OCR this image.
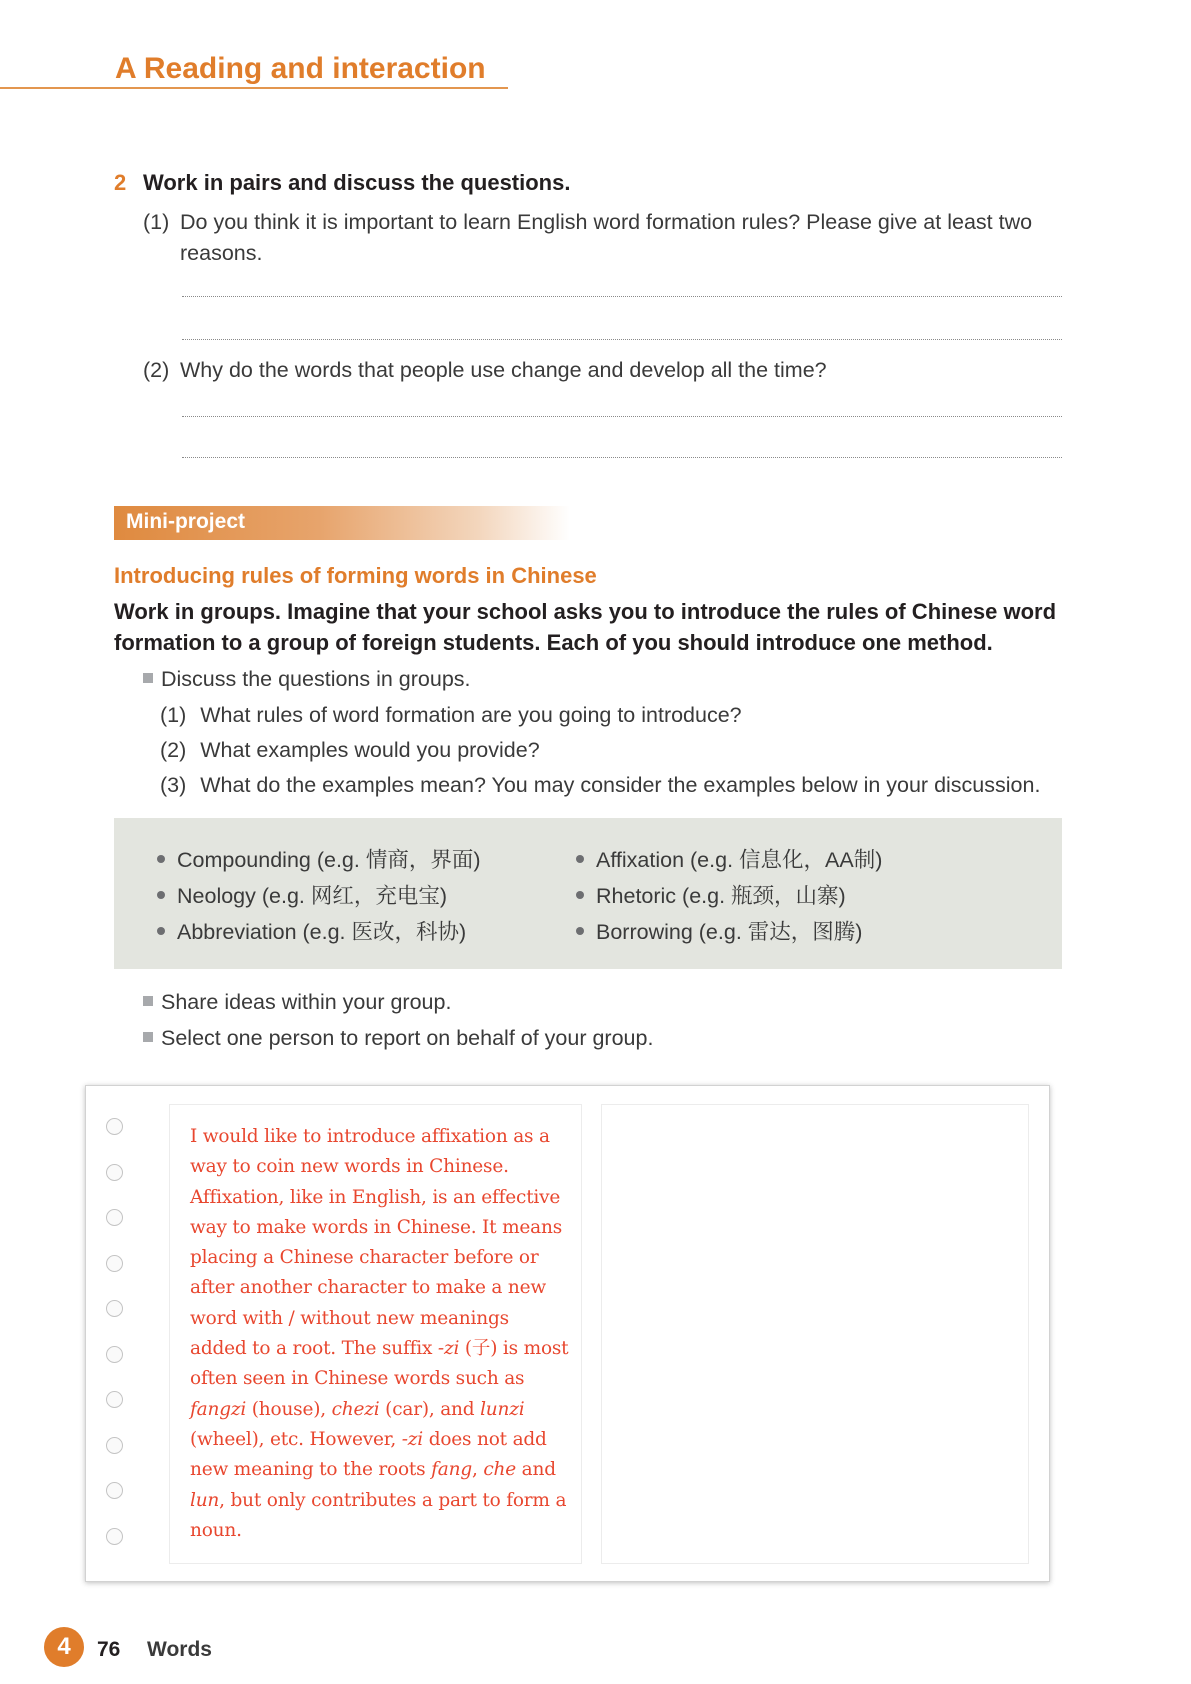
A Reading and interaction
2 Work in pairs and discuss the questions.
(1) Do you think it is important to learn English word formation rules? Please give at least two reasons.
(2) Why do the words that people use change and develop all the time?
Mini-project
Introducing rules of forming words in Chinese
Work in groups. Imagine that your school asks you to introduce the rules of Chinese word formation to a group of foreign students. Each of you should introduce one method.
Discuss the questions in groups.
(1) What rules of word formation are you going to introduce?
(2) What examples would you provide?
(3) What do the examples mean? You may consider the examples below in your discussion.
Compounding (e.g. 情商，界面)
Neology (e.g. 网红，充电宝)
Abbreviation (e.g. 医改，科协)
Affixation (e.g. 信息化，AA制)
Rhetoric (e.g. 瓶颈，山寨)
Borrowing (e.g. 雷达，图腾)
Share ideas within your group.
Select one person to report on behalf of your group.
I would like to introduce affixation as a way to coin new words in Chinese. Affixation, like in English, is an effective way to make words in Chinese. It means placing a Chinese character before or after another character to make a new word with / without new meanings added to a root. The suffix -zi (子) is most often seen in Chinese words such as fangzi (house), chezi (car), and lunzi (wheel), etc. However, -zi does not add new meaning to the roots fang, che and lun, but only contributes a part to form a noun.
4	76 Words
